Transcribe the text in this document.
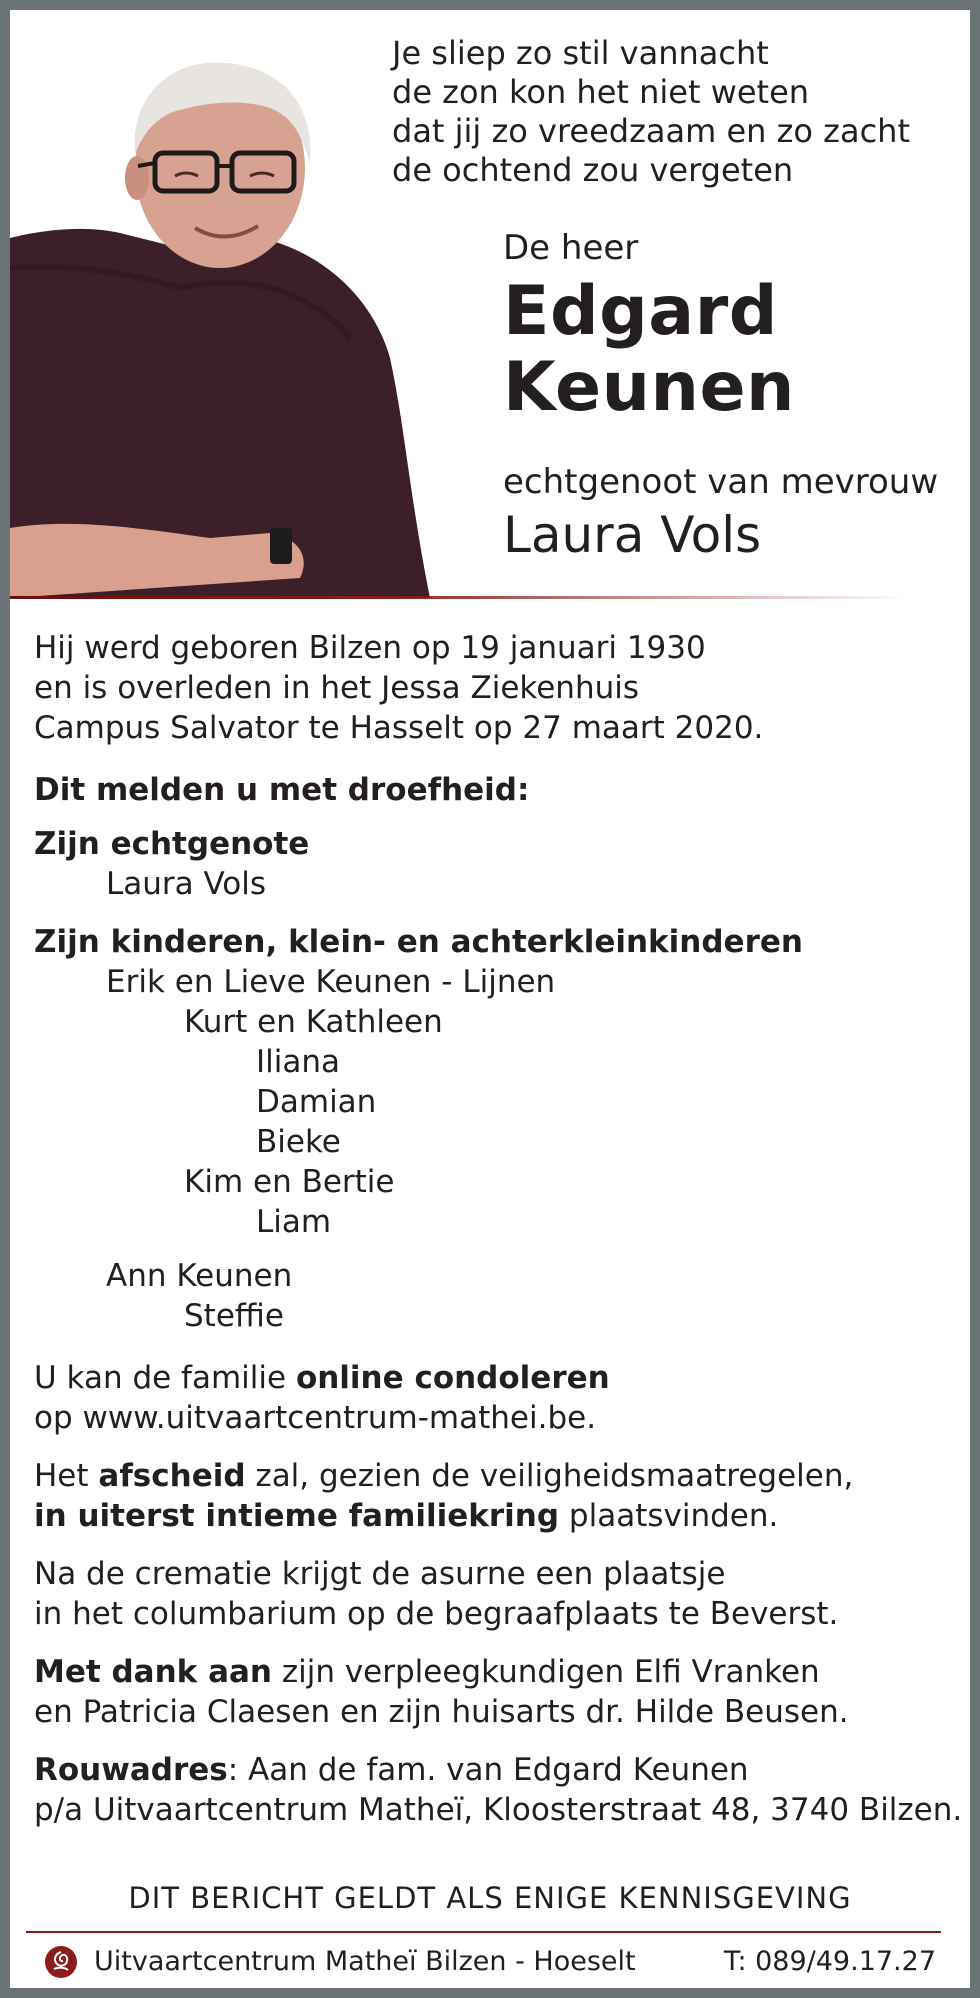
Je sliep zo stil vannacht
de zon kon het niet weten
dat jij zo vreedzaam en zo zacht
de ochtend zou vergeten
De heer
Edgard
Keunen
echtgenoot van mevrouw
Laura Vols
Hij werd geboren Bilzen op 19 januari 1930
en is overleden in het Jessa Ziekenhuis
Campus Salvator te Hasselt op 27 maart 2020.
Dit melden u met droefheid:
Zijn echtgenote
Laura Vols
Zijn kinderen, klein- en achterkleinkinderen
Erik en Lieve Keunen - Lijnen
Kurt en Kathleen
Iliana
Damian
Bieke
Kim en Bertie
Liam
Ann Keunen
Steffie
U kan de familie online condoleren
op www.uitvaartcentrum-mathei.be.
Het afscheid zal, gezien de veiligheidsmaatregelen,
in uiterst intieme familiekring plaatsvinden.
Na de crematie krijgt de asurne een plaatsje
in het columbarium op de begraafplaats te Beverst.
Met dank aan zijn verpleegkundigen Elfi Vranken
en Patricia Claesen en zijn huisarts dr. Hilde Beusen.
Rouwadres: Aan de fam. van Edgard Keunen
p/a Uitvaartcentrum Matheï, Kloosterstraat 48, 3740 Bilzen.
DIT BERICHT GELDT ALS ENIGE KENNISGEVING
Uitvaartcentrum Matheï Bilzen - Hoeselt	T: 089/49.17.27
